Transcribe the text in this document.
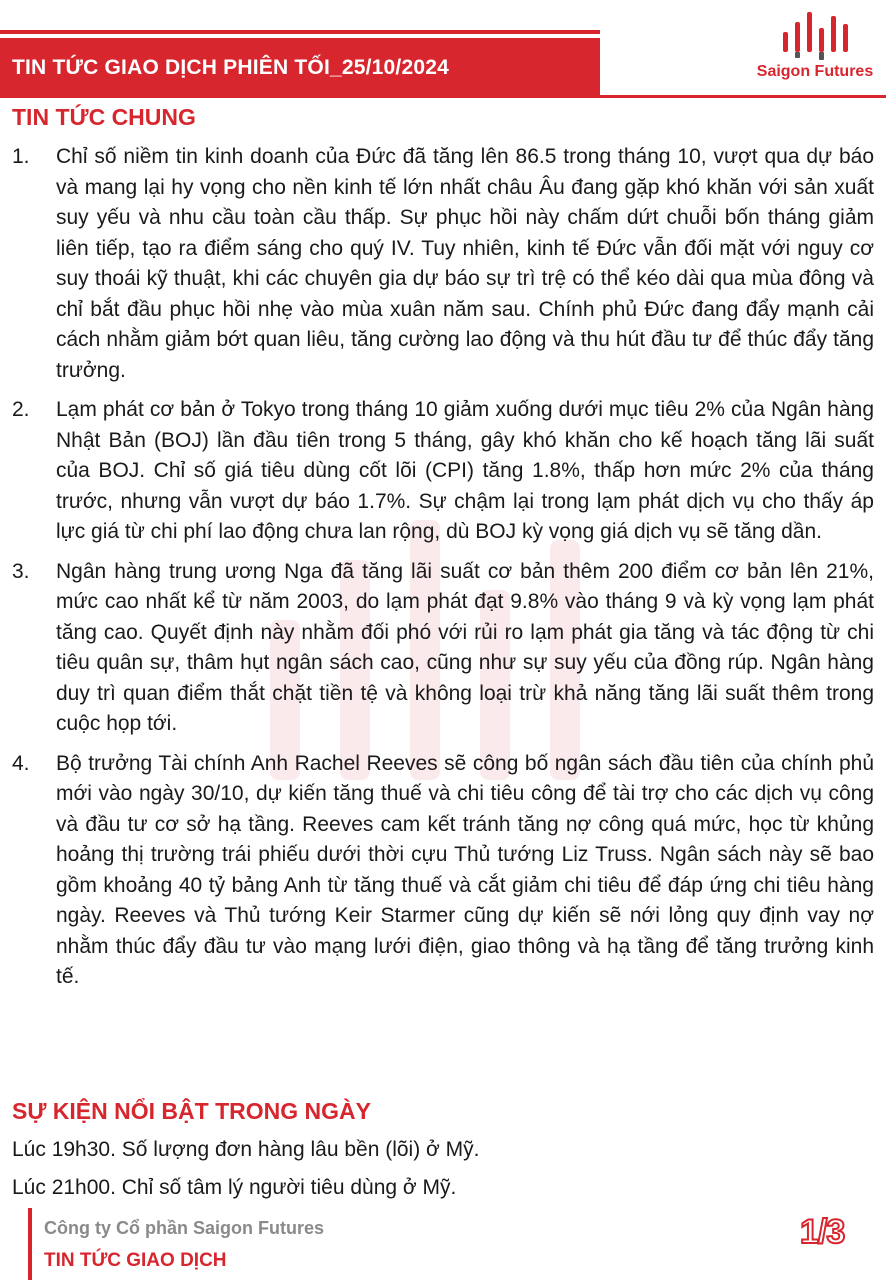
TIN TỨC GIAO DỊCH PHIÊN TỐI_25/10/2024	Saigon Futures
TIN TỨC CHUNG
1.	Chỉ số niềm tin kinh doanh của Đức đã tăng lên 86.5 trong tháng 10, vượt qua dự báo và mang lại hy vọng cho nền kinh tế lớn nhất châu Âu đang gặp khó khăn với sản xuất suy yếu và nhu cầu toàn cầu thấp. Sự phục hồi này chấm dứt chuỗi bốn tháng giảm liên tiếp, tạo ra điểm sáng cho quý IV. Tuy nhiên, kinh tế Đức vẫn đối mặt với nguy cơ suy thoái kỹ thuật, khi các chuyên gia dự báo sự trì trệ có thể kéo dài qua mùa đông và chỉ bắt đầu phục hồi nhẹ vào mùa xuân năm sau. Chính phủ Đức đang đẩy mạnh cải cách nhằm giảm bớt quan liêu, tăng cường lao động và thu hút đầu tư để thúc đẩy tăng trưởng.
2.	Lạm phát cơ bản ở Tokyo trong tháng 10 giảm xuống dưới mục tiêu 2% của Ngân hàng Nhật Bản (BOJ) lần đầu tiên trong 5 tháng, gây khó khăn cho kế hoạch tăng lãi suất của BOJ. Chỉ số giá tiêu dùng cốt lõi (CPI) tăng 1.8%, thấp hơn mức 2% của tháng trước, nhưng vẫn vượt dự báo 1.7%. Sự chậm lại trong lạm phát dịch vụ cho thấy áp lực giá từ chi phí lao động chưa lan rộng, dù BOJ kỳ vọng giá dịch vụ sẽ tăng dần.
3.	Ngân hàng trung ương Nga đã tăng lãi suất cơ bản thêm 200 điểm cơ bản lên 21%, mức cao nhất kể từ năm 2003, do lạm phát đạt 9.8% vào tháng 9 và kỳ vọng lạm phát tăng cao. Quyết định này nhằm đối phó với rủi ro lạm phát gia tăng và tác động từ chi tiêu quân sự, thâm hụt ngân sách cao, cũng như sự suy yếu của đồng rúp. Ngân hàng duy trì quan điểm thắt chặt tiền tệ và không loại trừ khả năng tăng lãi suất thêm trong cuộc họp tới.
4.	Bộ trưởng Tài chính Anh Rachel Reeves sẽ công bố ngân sách đầu tiên của chính phủ mới vào ngày 30/10, dự kiến tăng thuế và chi tiêu công để tài trợ cho các dịch vụ công và đầu tư cơ sở hạ tầng. Reeves cam kết tránh tăng nợ công quá mức, học từ khủng hoảng thị trường trái phiếu dưới thời cựu Thủ tướng Liz Truss. Ngân sách này sẽ bao gồm khoảng 40 tỷ bảng Anh từ tăng thuế và cắt giảm chi tiêu để đáp ứng chi tiêu hàng ngày. Reeves và Thủ tướng Keir Starmer cũng dự kiến sẽ nới lỏng quy định vay nợ nhằm thúc đẩy đầu tư vào mạng lưới điện, giao thông và hạ tầng để tăng trưởng kinh tế.
SỰ KIỆN NỔI BẬT TRONG NGÀY
Lúc 19h30. Số lượng đơn hàng lâu bền (lõi) ở Mỹ.
Lúc 21h00. Chỉ số tâm lý người tiêu dùng ở Mỹ.
Công ty Cổ phần Saigon Futures
TIN TỨC GIAO DỊCH
1/3
